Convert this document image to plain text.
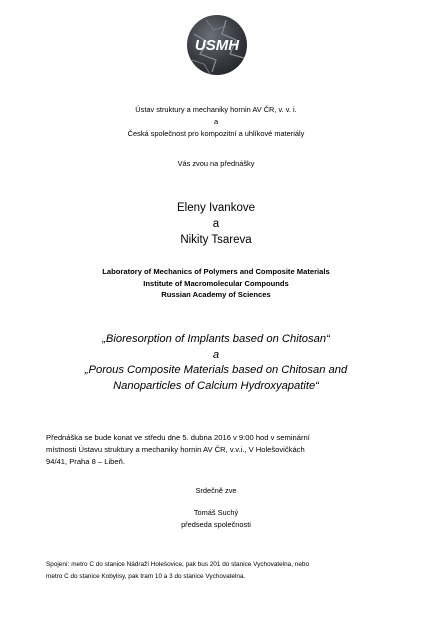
USMH
Ústav struktury a mechaniky hornin AV ČR, v. v. i.
a
Česká společnost pro kompozitní a uhlíkové materiály
Vás zvou na přednášky
Eleny Ivankove
a
Nikity Tsareva
Laboratory of Mechanics of Polymers and Composite Materials
Institute of Macromolecular Compounds
Russian Academy of Sciences
„Bioresorption of Implants based on Chitosan“
a
„Porous Composite Materials based on Chitosan and
Nanoparticles of Calcium Hydroxyapatite“
Přednáška se bude konat ve středu dne 5. dubna 2016 v 9:00 hod v seminární
místnosti Ústavu struktury a mechaniky hornin AV ČR, v.v.i., V Holešovičkách
94/41, Praha 8 – Libeň.
Srdečně zve
Tomáš Suchý
předseda společnosti
Spojení: metro C do stanice Nádraží Holešovice, pak bus 201 do stanice Vychovatelna, nebo
metro C do stanice Kobylisy, pak tram 10 a 3 do stanice Vychovatelna.
